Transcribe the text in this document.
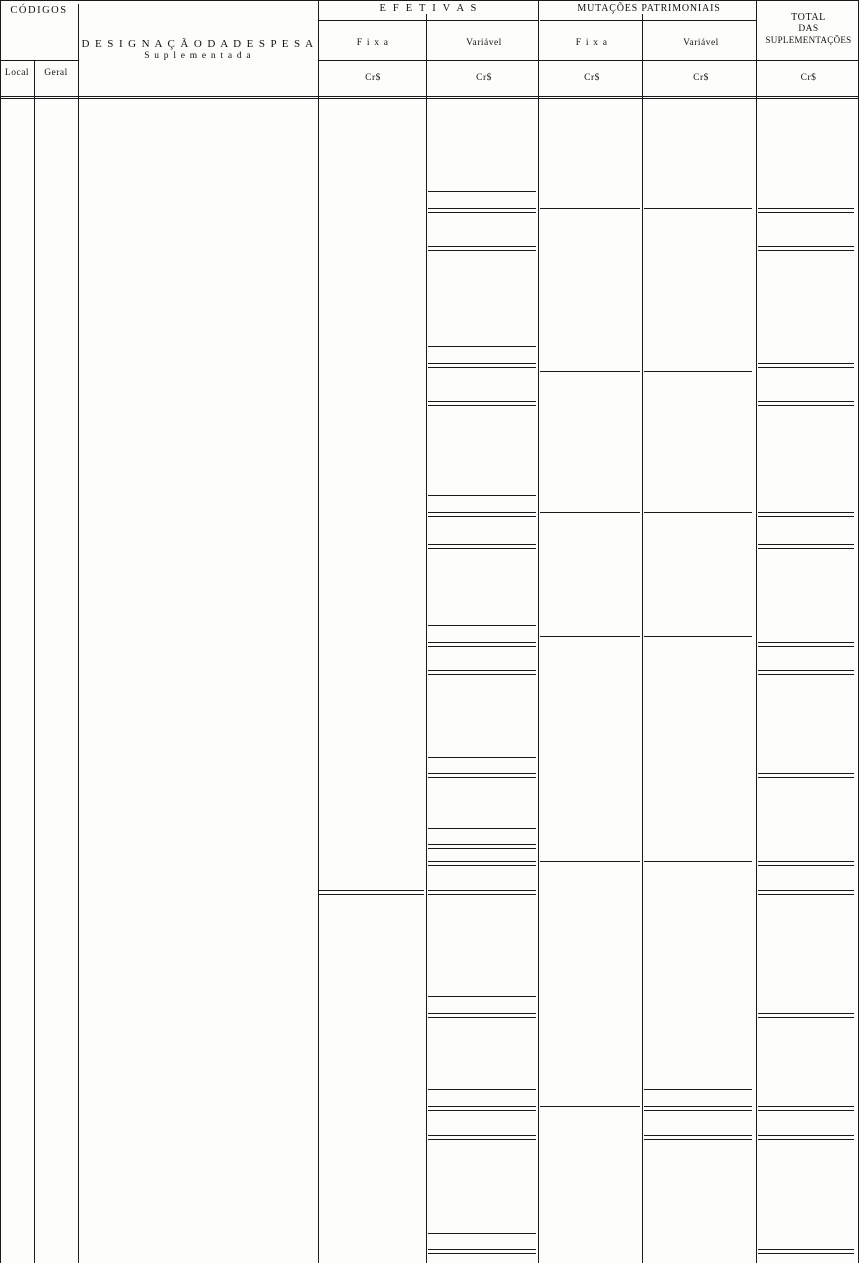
CÓDIGOS
Local	Geral
D E S I G N A Ç Ã O D A D E S P E S A
S u p l e m e n t a d a
E F E T I V A S	MUTAÇÕES PATRIMONIAIS
TOTAL
DAS
SUPLEMENTAÇÕES
F i x a	Variável	F i x a	Variável
Cr$	Cr$	Cr$	Cr$	Cr$
